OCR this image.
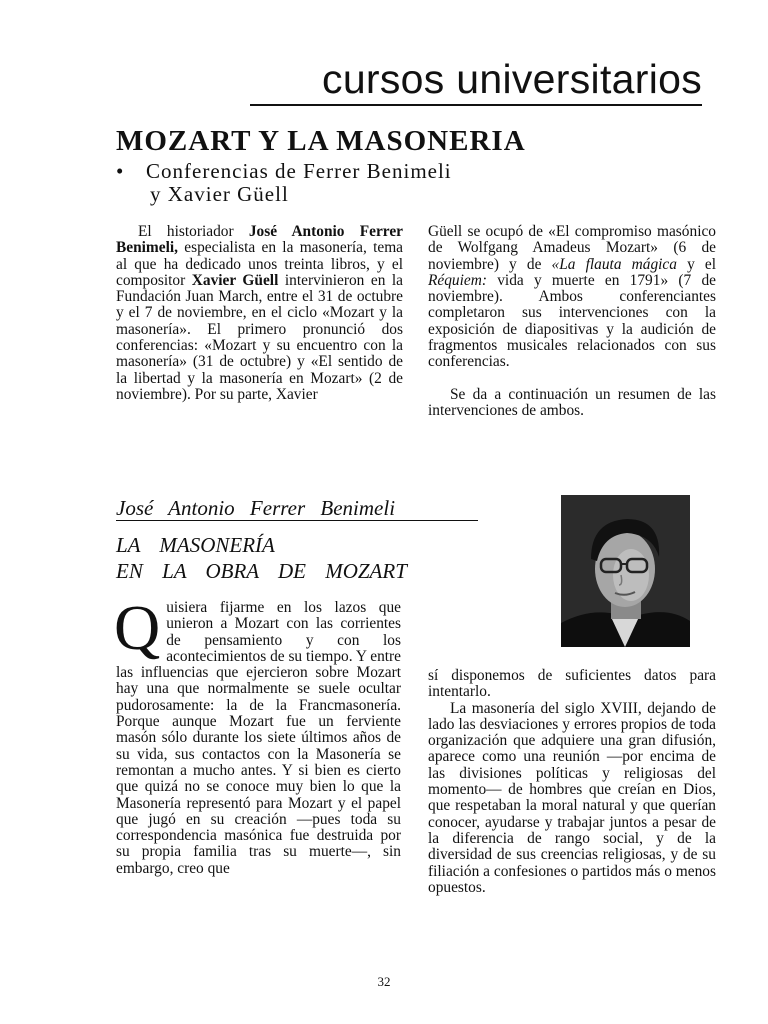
cursos universitarios
MOZART Y LA MASONERIA
• Conferencias de Ferrer Benimeli
y Xavier Güell

El historiador José Antonio Ferrer Benimeli, especialista en la masonería, tema al que ha dedicado unos treinta libros, y el compositor Xavier Güell intervinieron en la Fundación Juan March, entre el 31 de octubre y el 7 de noviembre, en el ciclo «Mozart y la masonería». El primero pronunció dos conferencias: «Mozart y su encuentro con la masonería» (31 de octubre) y «El sentido de la libertad y la masonería en Mozart» (2 de noviembre). Por su parte, Xavier

Güell se ocupó de «El compromiso masónico de Wolfgang Amadeus Mozart» (6 de noviembre) y de «La flauta mágica y el Réquiem: vida y muerte en 1791» (7 de noviembre). Ambos conferenciantes completaron sus intervenciones con la exposición de diapositivas y la audición de fragmentos musicales relacionados con sus conferencias.

Se da a continuación un resumen de las intervenciones de ambos.

José Antonio Ferrer Benimeli
LA MASONERÍA
EN LA OBRA DE MOZART

Quisiera fijarme en los lazos que unieron a Mozart con las corrientes de pensamiento y con los acontecimientos de su tiempo. Y entre las influencias que ejercieron sobre Mozart hay una que normalmente se suele ocultar pudorosamente: la de la Francmasonería. Porque aunque Mozart fue un ferviente masón sólo durante los siete últimos años de su vida, sus contactos con la Masonería se remontan a mucho antes. Y si bien es cierto que quizá no se conoce muy bien lo que la Masonería representó para Mozart y el papel que jugó en su creación —pues toda su correspondencia masónica fue destruida por su propia familia tras su muerte—, sin embargo, creo que

sí disponemos de suficientes datos para intentarlo.

La masonería del siglo XVIII, dejando de lado las desviaciones y errores propios de toda organización que adquiere una gran difusión, aparece como una reunión —por encima de las divisiones políticas y religiosas del momento— de hombres que creían en Dios, que respetaban la moral natural y que querían conocer, ayudarse y trabajar juntos a pesar de la diferencia de rango social, y de la diversidad de sus creencias religiosas, y de su filiación a confesiones o partidos más o menos opuestos.

32
